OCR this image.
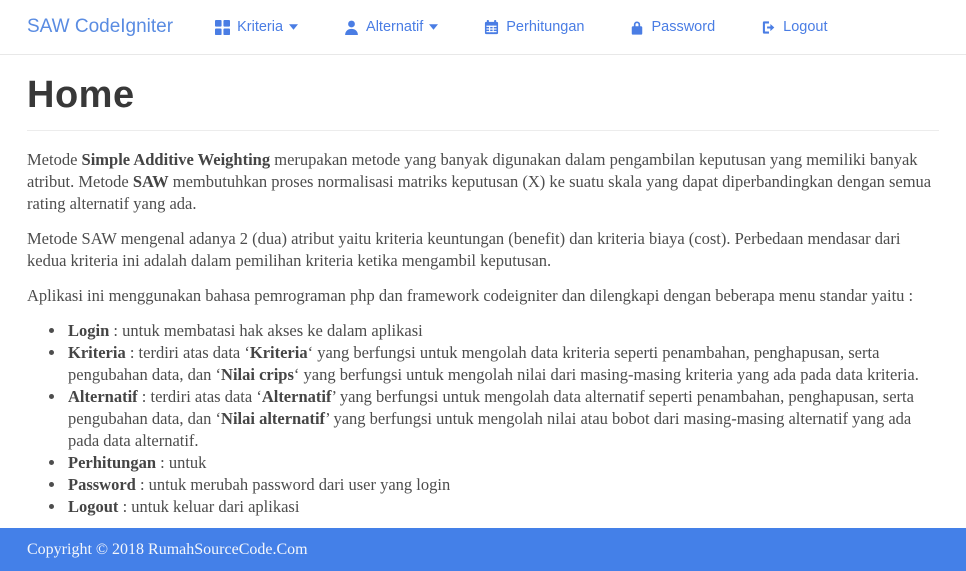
SAW CodeIgniter	Kriteria	Alternatif	Perhitungan	Password	Logout
Home

Metode Simple Additive Weighting merupakan metode yang banyak digunakan dalam pengambilan keputusan yang memiliki banyak atribut. Metode SAW membutuhkan proses normalisasi matriks keputusan (X) ke suatu skala yang dapat diperbandingkan dengan semua rating alternatif yang ada.

Metode SAW mengenal adanya 2 (dua) atribut yaitu kriteria keuntungan (benefit) dan kriteria biaya (cost). Perbedaan mendasar dari kedua kriteria ini adalah dalam pemilihan kriteria ketika mengambil keputusan.

Aplikasi ini menggunakan bahasa pemrograman php dan framework codeigniter dan dilengkapi dengan beberapa menu standar yaitu :

• Login : untuk membatasi hak akses ke dalam aplikasi
• Kriteria : terdiri atas data ‘Kriteria‘ yang berfungsi untuk mengolah data kriteria seperti penambahan, penghapusan, serta pengubahan data, dan ‘Nilai crips‘ yang berfungsi untuk mengolah nilai dari masing-masing kriteria yang ada pada data kriteria.
• Alternatif : terdiri atas data ‘Alternatif’ yang berfungsi untuk mengolah data alternatif seperti penambahan, penghapusan, serta pengubahan data, dan ‘Nilai alternatif’ yang berfungsi untuk mengolah nilai atau bobot dari masing-masing alternatif yang ada pada data alternatif.
• Perhitungan : untuk
• Password : untuk merubah password dari user yang login
• Logout : untuk keluar dari aplikasi
Copyright © 2018 RumahSourceCode.Com
